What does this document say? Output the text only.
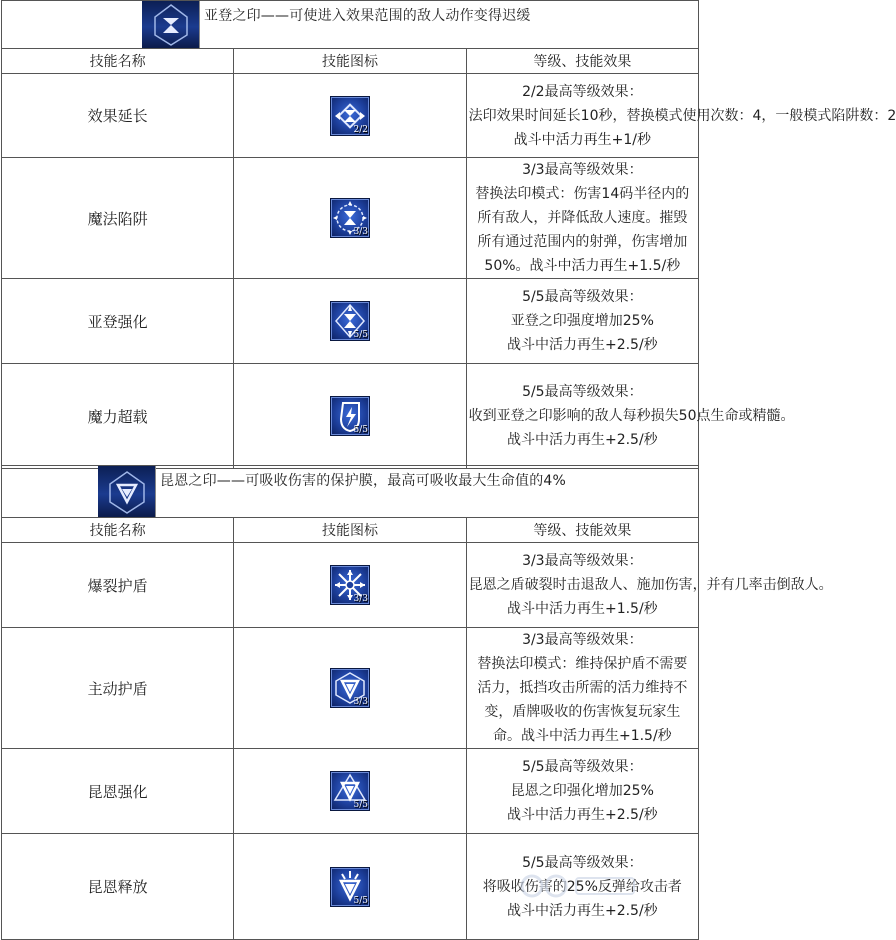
亚登之印——可使进入效果范围的敌人动作变得迟缓		

技能名称	技能图标	等级、技能效果
效果延长	2/2	2/2最高等级效果：
法印效果时间延长10秒，替换模式使用次数：4，一般模式陷阱数：2
战斗中活力再生+1/秒

魔法陷阱	3/3	3/3最高等级效果：
替换法印模式：伤害14码半径内的所有敌人，并降低敌人速度。摧毁所有通过范围内的射弹，伤害增加50%。战斗中活力再生+1.5/秒

亚登强化	5/5	5/5最高等级效果：
亚登之印强度增加25%
战斗中活力再生+2.5/秒

魔力超载	5/5	5/5最高等级效果：
收到亚登之印影响的敌人每秒损失50点生命或精髓。
战斗中活力再生+2.5/秒
昆恩之印——可吸收伤害的保护膜，最高可吸收最大生命值的4%		

技能名称	技能图标	等级、技能效果
爆裂护盾	3/3	3/3最高等级效果：
昆恩之盾破裂时击退敌人、施加伤害，并有几率击倒敌人。
战斗中活力再生+1.5/秒

主动护盾	3/3	3/3最高等级效果：
替换法印模式：维持保护盾不需要活力，抵挡攻击所需的活力维持不变，盾牌吸收的伤害恢复玩家生命。战斗中活力再生+1.5/秒

昆恩强化	5/5	5/5最高等级效果：
昆恩之印强化增加25%
战斗中活力再生+2.5/秒

昆恩释放	5/5	5/5最高等级效果：
将吸收伤害的25%反弹给攻击者
战斗中活力再生+2.5/秒
